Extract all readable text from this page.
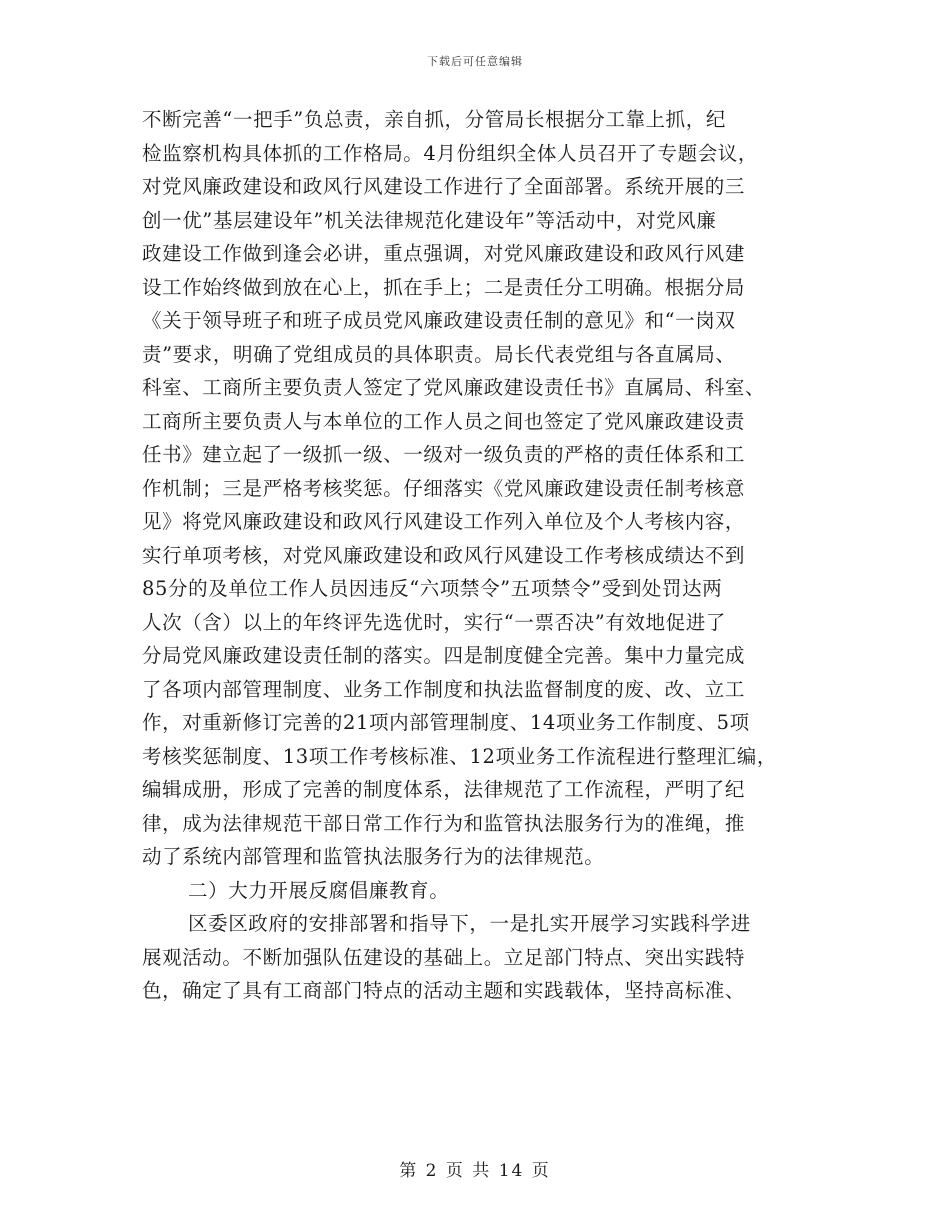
下载后可任意编辑
不断完善“一把手”负总责，亲自抓，分管局长根据分工靠上抓，纪
检监察机构具体抓的工作格局。4月份组织全体人员召开了专题会议，
对党风廉政建设和政风行风建设工作进行了全面部署。系统开展的三
创一优”基层建设年”机关法律规范化建设年”等活动中，对党风廉
政建设工作做到逢会必讲，重点强调，对党风廉政建设和政风行风建
设工作始终做到放在心上，抓在手上；二是责任分工明确。根据分局
《关于领导班子和班子成员党风廉政建设责任制的意见》和“一岗双
责”要求，明确了党组成员的具体职责。局长代表党组与各直属局、
科室、工商所主要负责人签定了党风廉政建设责任书》直属局、科室、
工商所主要负责人与本单位的工作人员之间也签定了党风廉政建设责
任书》建立起了一级抓一级、一级对一级负责的严格的责任体系和工
作机制；三是严格考核奖惩。仔细落实《党风廉政建设责任制考核意
见》将党风廉政建设和政风行风建设工作列入单位及个人考核内容，
实行单项考核，对党风廉政建设和政风行风建设工作考核成绩达不到
85分的及单位工作人员因违反“六项禁令”五项禁令”受到处罚达两
人次（含）以上的年终评先选优时，实行“一票否决”有效地促进了
分局党风廉政建设责任制的落实。四是制度健全完善。集中力量完成
了各项内部管理制度、业务工作制度和执法监督制度的废、改、立工
作，对重新修订完善的21项内部管理制度、14项业务工作制度、5项
考核奖惩制度、13项工作考核标准、12项业务工作流程进行整理汇编，
编辑成册，形成了完善的制度体系，法律规范了工作流程，严明了纪
律，成为法律规范干部日常工作行为和监管执法服务行为的准绳，推
动了系统内部管理和监管执法服务行为的法律规范。
二）大力开展反腐倡廉教育。
区委区政府的安排部署和指导下，一是扎实开展学习实践科学进
展观活动。不断加强队伍建设的基础上。立足部门特点、突出实践特
色，确定了具有工商部门特点的活动主题和实践载体，坚持高标准、
第 2 页 共 14 页
